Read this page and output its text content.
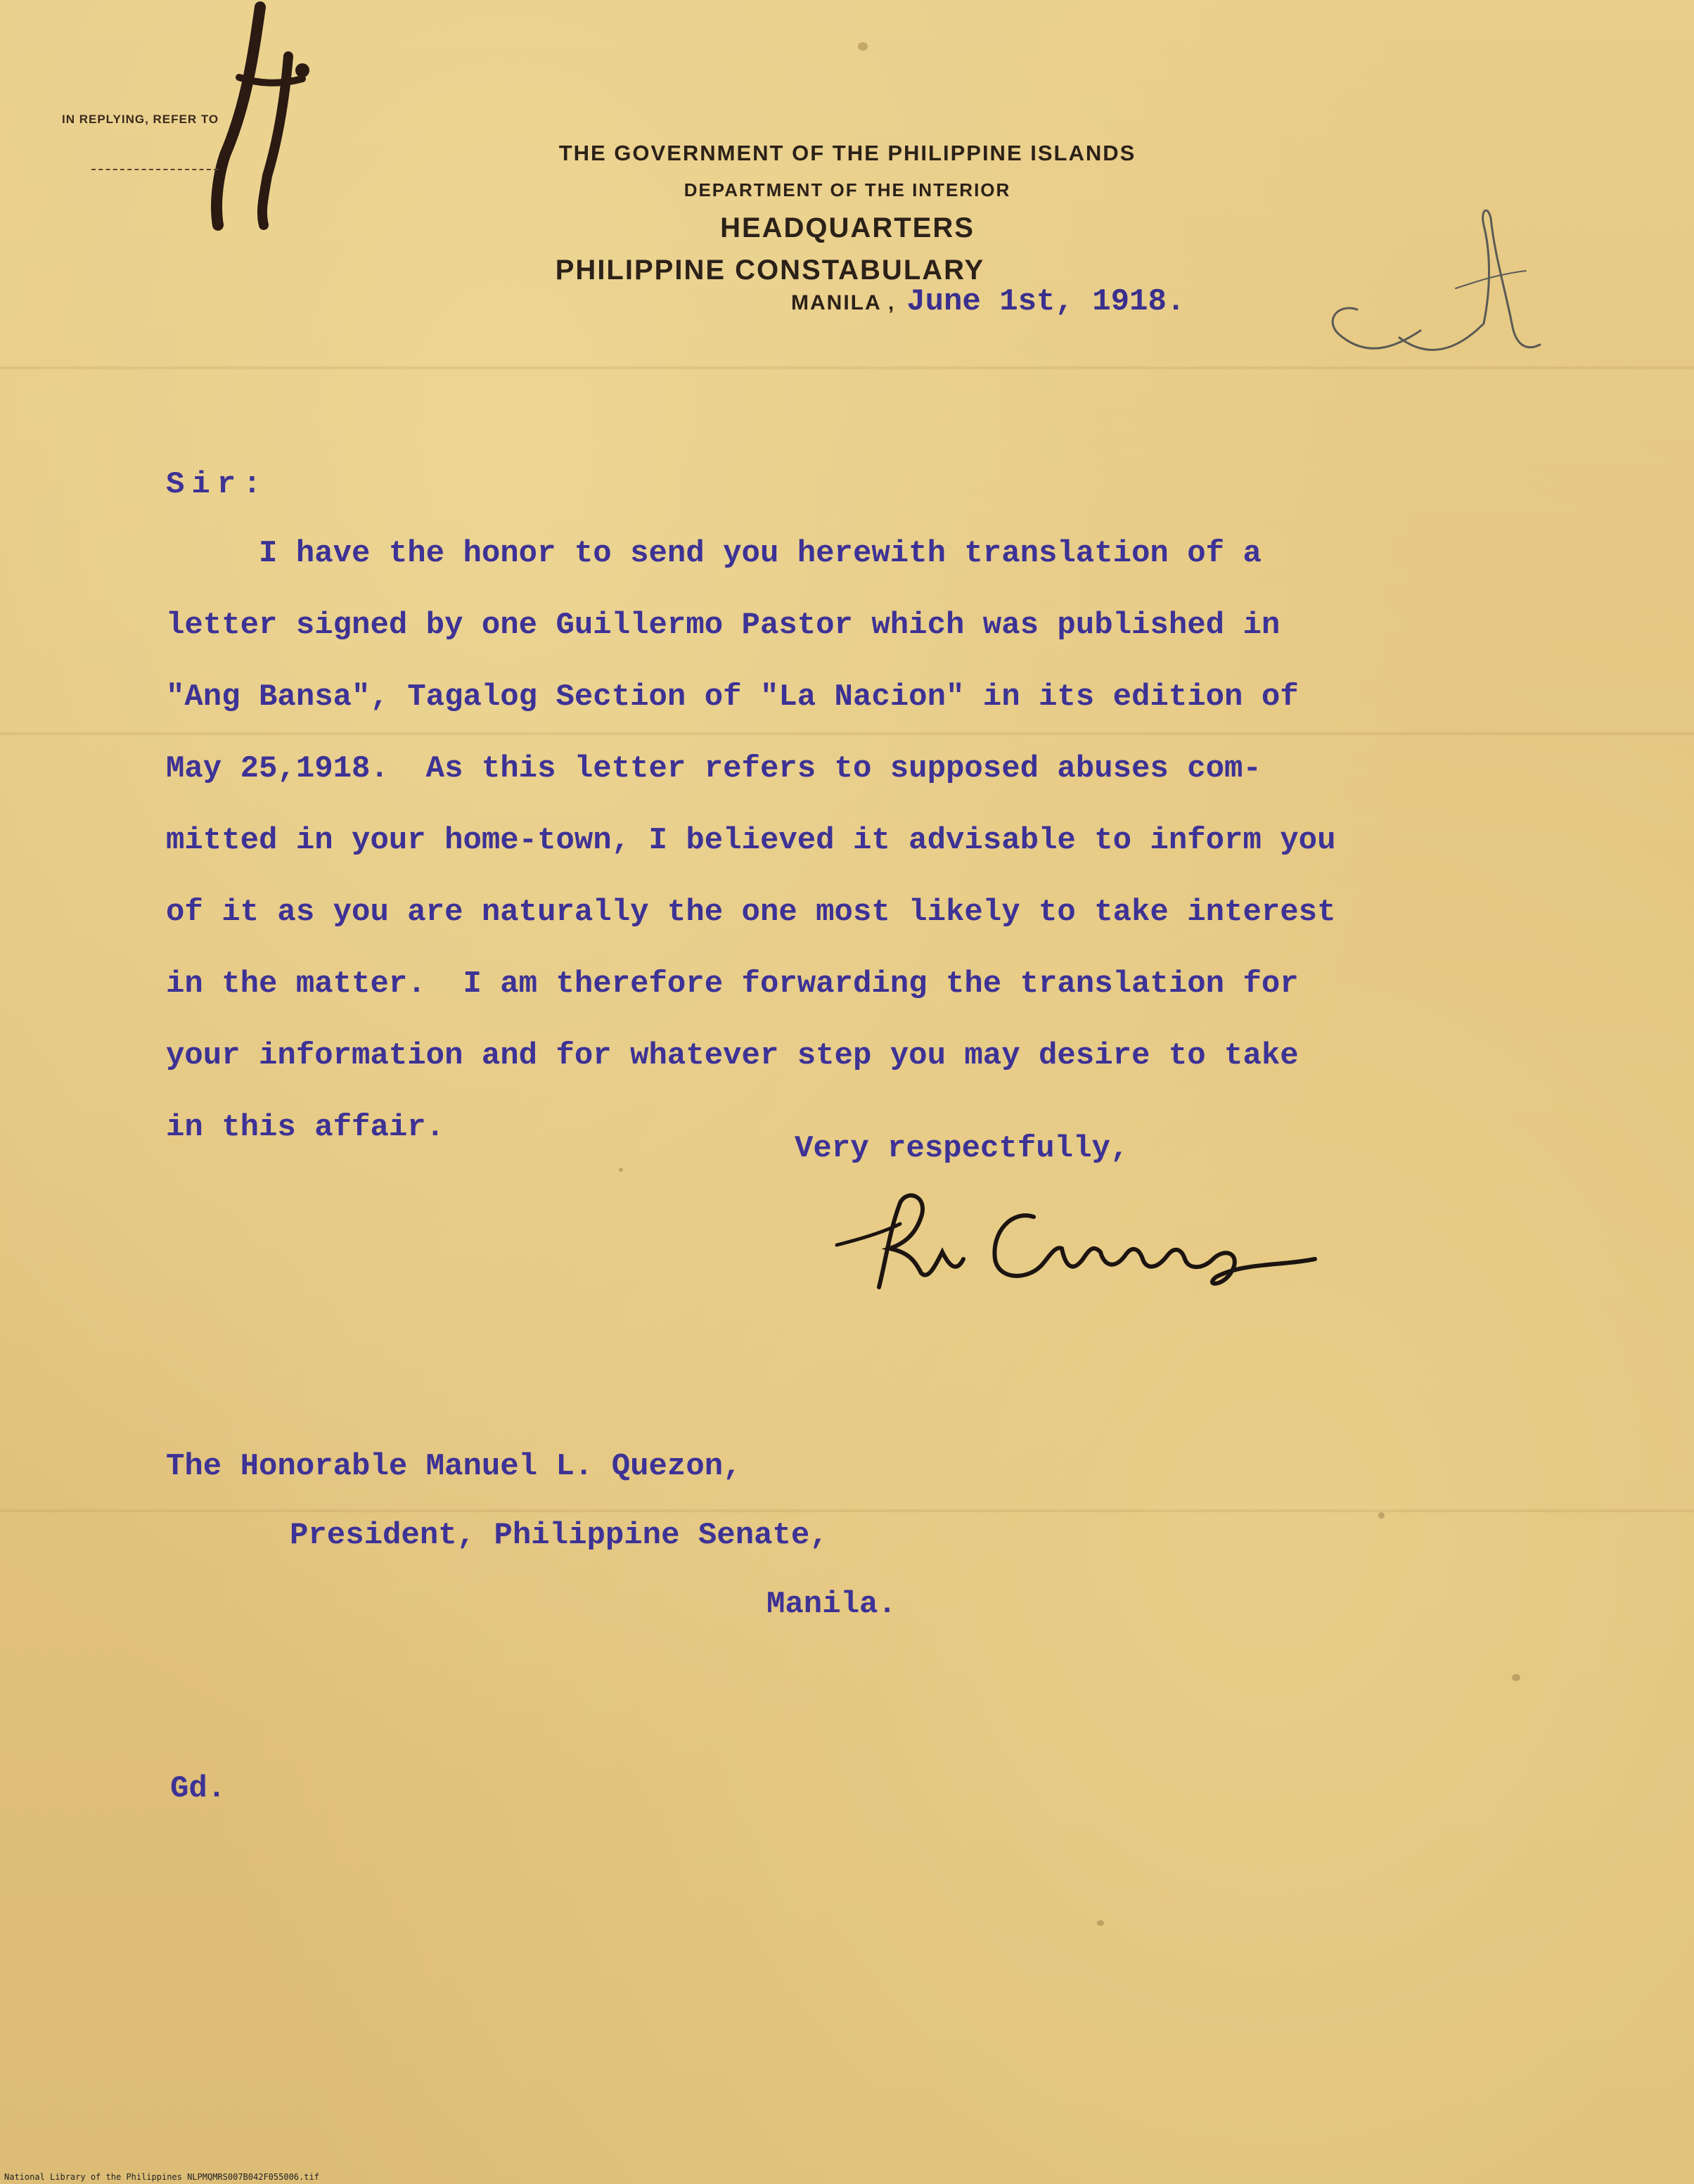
IN REPLYING, REFER TO
THE GOVERNMENT OF THE PHILIPPINE ISLANDS
DEPARTMENT OF THE INTERIOR
HEADQUARTERS
PHILIPPINE CONSTABULARY
MANILA , June 1st, 1918.
Sir:
I have the honor to send you herewith translation of a
letter signed by one Guillermo Pastor which was published in
"Ang Bansa", Tagalog Section of "La Nacion" in its edition of
May 25,1918.  As this letter refers to supposed abuses com-
mitted in your home-town, I believed it advisable to inform you
of it as you are naturally the one most likely to take interest
in the matter.  I am therefore forwarding the translation for
your information and for whatever step you may desire to take
in this affair.
Very respectfully,
The Honorable Manuel L. Quezon,
President, Philippine Senate,
Manila.
Gd.
National Library of the Philippines NLPMQMRS007B042F055006.tif
